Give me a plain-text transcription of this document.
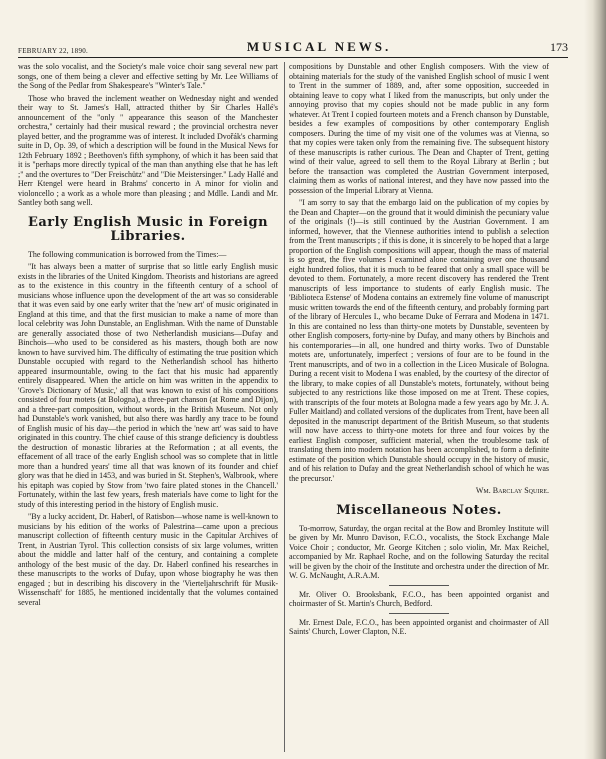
FEBRUARY 22, 1890.	MUSICAL NEWS.	173

was the solo vocalist, and the Society's male voice choir sang several new part songs, one of them being a clever and effective setting by Mr. Lee Williams of the Song of the Pedlar from Shakespeare's "Winter's Tale."

Those who braved the inclement weather on Wednesday night and wended their way to St. James's Hall, attracted thither by Sir Charles Hallé's announcement of the "only " appearance this season of the Manchester orchestra," certainly had their musical reward ; the provincial orchestra never played better, and the programme was of interest. It included Dvořák's charming suite in D, Op. 39, of which a description will be found in the Musical News for 12th February 1892 ; Beethoven's fifth symphony, of which it has been said that it is "perhaps more directly typical of the man than anything else that he has left ;" and the overtures to "Der Freischütz" and "Die Meistersinger." Lady Hallé and Herr Ktengel were heard in Brahms' concerto in A minor for violin and violoncello ; a work as a whole more than pleasing ; and Mdlle. Landi and Mr. Santley both sang well.

Early English Music in Foreign Libraries.

The following communication is borrowed from the Times:—

"It has always been a matter of surprise that so little early English music exists in the libraries of the United Kingdom. Theorists and historians are agreed as to the existence in this country in the fifteenth century of a school of musicians whose influence upon the development of the art was so considerable that it was even said by one early writer that the 'new art' of music originated in England at this time, and that the first musician to make a name of more than local celebrity was John Dunstable, an Englishman. With the name of Dunstable are generally associated those of two Netherlandish musicians—Dufay and Binchois—who used to be considered as his masters, though both are now known to have survived him. The difficulty of estimating the true position which Dunstable occupied with regard to the Netherlandish school has hitherto appeared insurmountable, owing to the fact that his music had apparently entirely disappeared. When the article on him was written in the appendix to 'Grove's Dictionary of Music,' all that was known to exist of his compositions consisted of four motets (at Bologna), a three-part chanson (at Rome and Dijon), and a three-part composition, without words, in the British Museum. Not only had Dunstable's work vanished, but also there was hardly any trace to be found of English music of his day—the period in which the 'new art' was said to have originated in this country. The chief cause of this strange deficiency is doubtless the destruction of monastic libraries at the Reformation ; at all events, the effacement of all trace of the early English school was so complete that in little more than a hundred years' time all that was known of its founder and chief glory was that he died in 1453, and was buried in St. Stephen's, Walbrook, where his epitaph was copied by Stow from 'two faire plated stones in the Chancell.' Fortunately, within the last few years, fresh materials have come to light for the study of this interesting period in the history of English music.

"By a lucky accident, Dr. Haberl, of Ratisbon—whose name is well-known to musicians by his edition of the works of Palestrina—came upon a precious manuscript collection of fifteenth century music in the Capitular Archives of Trent, in Austrian Tyrol. This collection consists of six large volumes, written about the middle and latter half of the century, and containing a complete anthology of the best music of the day. Dr. Haberl confined his researches in these manuscripts to the works of Dufay, upon whose biography he was then engaged ; but in describing his discovery in the 'Vierteljahrschrift für Musik-Wissenschaft' for 1885, he mentioned incidentally that the volumes contained several

compositions by Dunstable and other English composers. With the view of obtaining materials for the study of the vanished English school of music I went to Trent in the summer of 1889, and, after some opposition, succeeded in obtaining leave to copy what I liked from the manuscripts, but only under the annoying proviso that my copies should not be made public in any form whatever. At Trent I copied fourteen motets and a French chanson by Dunstable, besides a few examples of compositions by other contemporary English composers. During the time of my visit one of the volumes was at Vienna, so that my copies were taken only from the remaining five. The subsequent history of these manuscripts is rather curious. The Dean and Chapter of Trent, getting wind of their value, agreed to sell them to the Royal Library at Berlin ; but before the transaction was completed the Austrian Government interposed, claiming them as works of national interest, and they have now passed into the possession of the Imperial Library at Vienna.

"I am sorry to say that the embargo laid on the publication of my copies by the Dean and Chapter—on the ground that it would diminish the pecuniary value of the originals (!)—is still continued by the Austrian Government. I am informed, however, that the Viennese authorities intend to publish a selection from the Trent manuscripts ; if this is done, it is sincerely to be hoped that a large proportion of the English compositions will appear, though the mass of material is so great, the five volumes I examined alone containing over one thousand eight hundred folios, that it is much to be feared that only a small space will be devoted to them. Fortunately, a more recent discovery has rendered the Trent manuscripts of less importance to students of early English music. The 'Biblioteca Estense' of Modena contains an extremely fine volume of manuscript music written towards the end of the fifteenth century, and probably forming part of the library of Hercules I., who became Duke of Ferrara and Modena in 1471. In this are contained no less than thirty-one motets by Dunstable, seventeen by other English composers, forty-nine by Dufay, and many others by Binchois and his contemporaries—in all, one hundred and thirty works. Two of Dunstable motets are, unfortunately, imperfect ; versions of four are to be found in the Trent manuscripts, and of two in a collection in the Liceo Musicale of Bologna. During a recent visit to Modena I was enabled, by the courtesy of the director of the library, to make copies of all Dunstable's motets, fortunately, without being subjected to any restrictions like those imposed on me at Trent. These copies, with transcripts of the four motets at Bologna made a few years ago by Mr. J. A. Fuller Maitland) and collated versions of the duplicates from Trent, have been all deposited in the manuscript department of the British Museum, so that students will now have access to thirty-one motets for three and four voices by the earliest English composer, sufficient material, when the troublesome task of translating them into modern notation has been accomplished, to form a definite estimate of the position which Dunstable should occupy in the history of music, and of his relation to Dufay and the great Netherlandish school of which he was the precursor.'

Wm. Barclay Squire.
Miscellaneous Notes.

To-morrow, Saturday, the organ recital at the Bow and Bromley Institute will be given by Mr. Munro Davison, F.C.O., vocalists, the Stock Exchange Male Voice Choir ; conductor, Mr. George Kitchen ; solo violin, Mr. Max Reichel, accompanied by Mr. Raphael Roche, and on the following Saturday the recital will be given by the choir of the Institute and orchestra under the direction of Mr. W. G. McNaught, A.R.A.M.

Mr. Oliver O. Brooksbank, F.C.O., has been appointed organist and choirmaster of St. Martin's Church, Bedford.

Mr. Ernest Dale, F.C.O., has been appointed organist and choirmaster of All Saints' Church, Lower Clapton, N.E.
